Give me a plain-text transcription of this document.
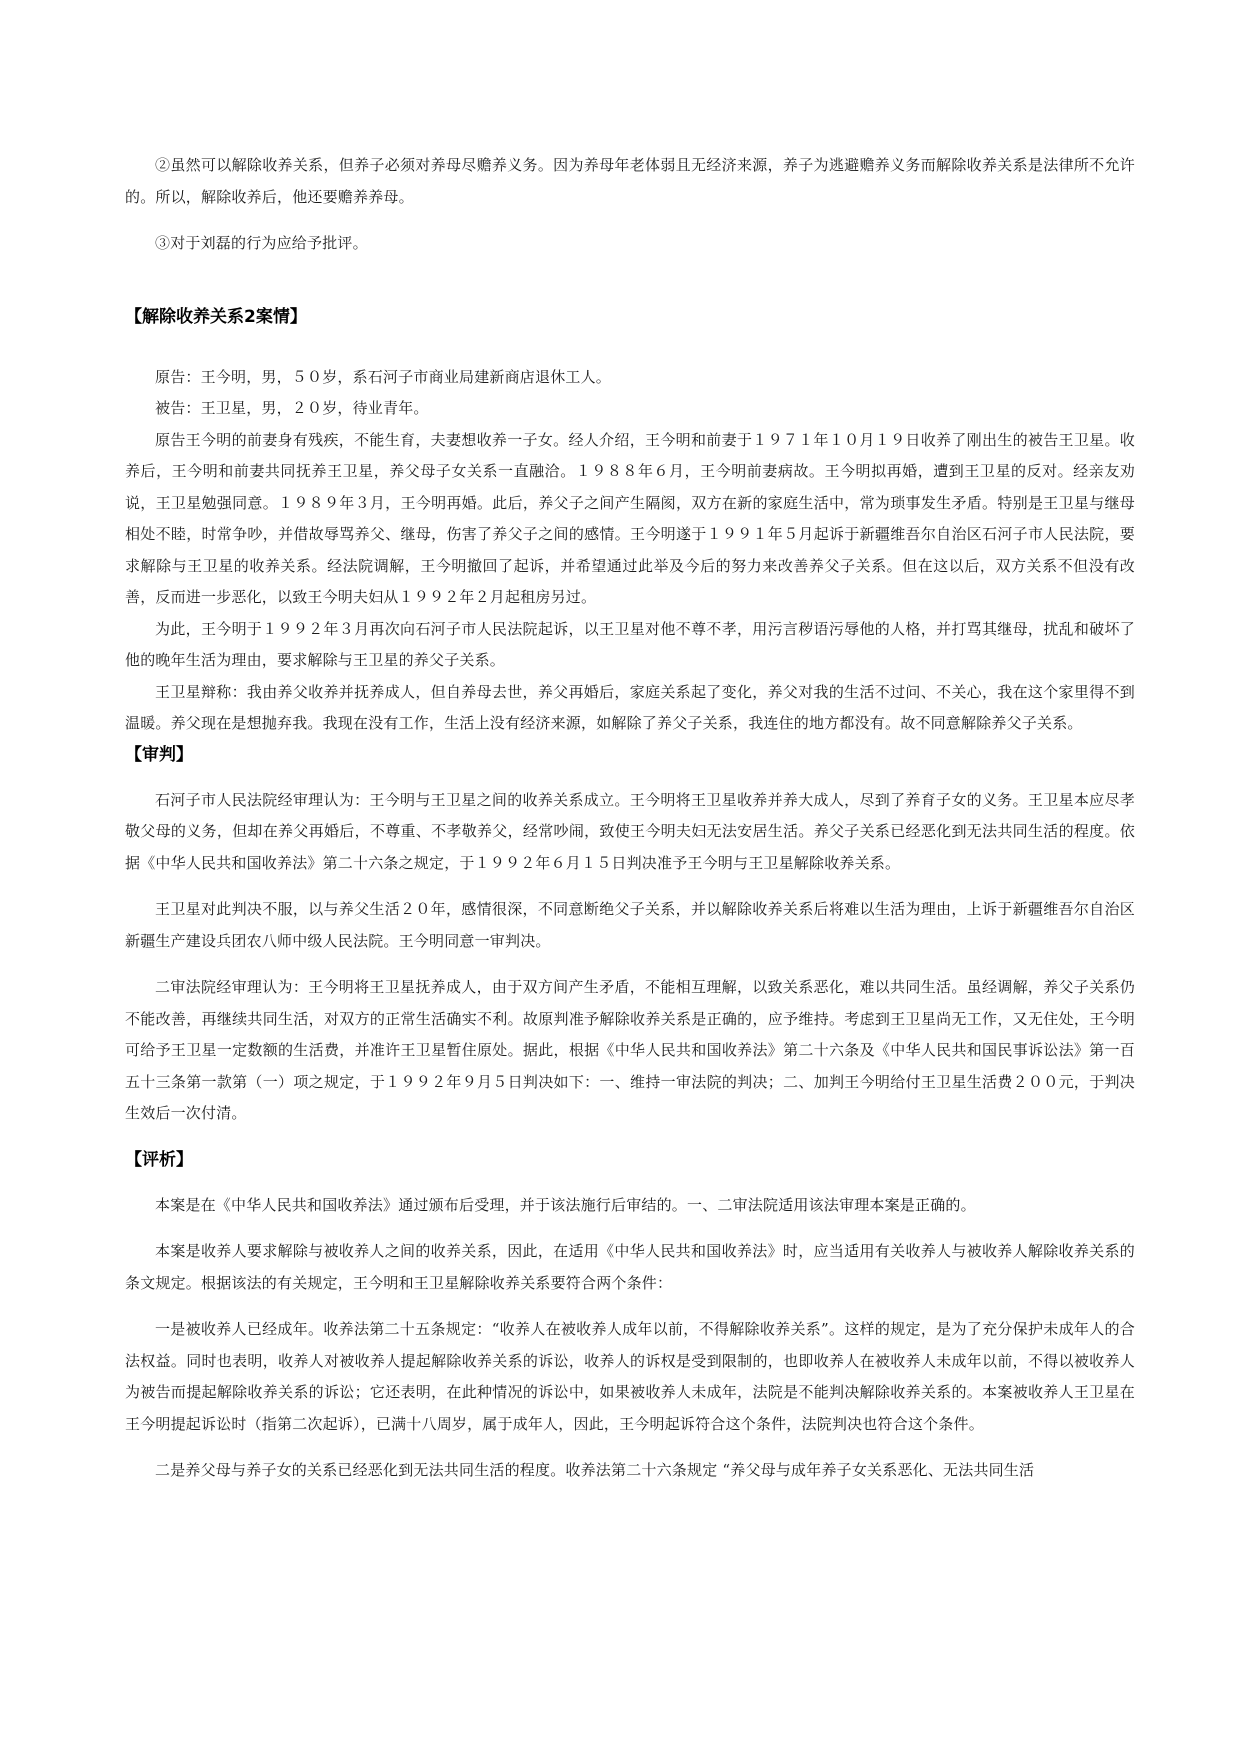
②虽然可以解除收养关系，但养子必须对养母尽赡养义务。因为养母年老体弱且无经济来源，养子为逃避赡养义务而解除收养关系是法律所不允许的。所以，解除收养后，他还要赡养养母。

③对于刘磊的行为应给予批评。

【解除收养关系2案情】

原告：王今明，男，５０岁，系石河子市商业局建新商店退休工人。

被告：王卫星，男，２０岁，待业青年。

原告王今明的前妻身有残疾，不能生育，夫妻想收养一子女。经人介绍，王今明和前妻于１９７１年１０月１９日收养了刚出生的被告王卫星。收养后，王今明和前妻共同抚养王卫星，养父母子女关系一直融洽。１９８８年６月，王今明前妻病故。王今明拟再婚，遭到王卫星的反对。经亲友劝说，王卫星勉强同意。１９８９年３月，王今明再婚。此后，养父子之间产生隔阂，双方在新的家庭生活中，常为琐事发生矛盾。特别是王卫星与继母相处不睦，时常争吵，并借故辱骂养父、继母，伤害了养父子之间的感情。王今明遂于１９９１年５月起诉于新疆维吾尔自治区石河子市人民法院，要求解除与王卫星的收养关系。经法院调解，王今明撤回了起诉，并希望通过此举及今后的努力来改善养父子关系。但在这以后，双方关系不但没有改善，反而进一步恶化，以致王今明夫妇从１９９２年２月起租房另过。

为此，王今明于１９９２年３月再次向石河子市人民法院起诉，以王卫星对他不尊不孝，用污言秽语污辱他的人格，并打骂其继母，扰乱和破坏了他的晚年生活为理由，要求解除与王卫星的养父子关系。

王卫星辩称：我由养父收养并抚养成人，但自养母去世，养父再婚后，家庭关系起了变化，养父对我的生活不过问、不关心，我在这个家里得不到温暖。养父现在是想抛弃我。我现在没有工作，生活上没有经济来源，如解除了养父子关系，我连住的地方都没有。故不同意解除养父子关系。

【审判】

石河子市人民法院经审理认为：王今明与王卫星之间的收养关系成立。王今明将王卫星收养并养大成人，尽到了养育子女的义务。王卫星本应尽孝敬父母的义务，但却在养父再婚后，不尊重、不孝敬养父，经常吵闹，致使王今明夫妇无法安居生活。养父子关系已经恶化到无法共同生活的程度。依据《中华人民共和国收养法》第二十六条之规定，于１９９２年６月１５日判决准予王今明与王卫星解除收养关系。

王卫星对此判决不服，以与养父生活２０年，感情很深，不同意断绝父子关系，并以解除收养关系后将难以生活为理由，上诉于新疆维吾尔自治区新疆生产建设兵团农八师中级人民法院。王今明同意一审判决。

二审法院经审理认为：王今明将王卫星抚养成人，由于双方间产生矛盾，不能相互理解，以致关系恶化，难以共同生活。虽经调解，养父子关系仍不能改善，再继续共同生活，对双方的正常生活确实不利。故原判准予解除收养关系是正确的，应予维持。考虑到王卫星尚无工作，又无住处，王今明可给予王卫星一定数额的生活费，并准许王卫星暂住原处。据此，根据《中华人民共和国收养法》第二十六条及《中华人民共和国民事诉讼法》第一百五十三条第一款第（一）项之规定，于１９９２年９月５日判决如下：一、维持一审法院的判决；二、加判王今明给付王卫星生活费２００元，于判决生效后一次付清。

【评析】

本案是在《中华人民共和国收养法》通过颁布后受理，并于该法施行后审结的。一、二审法院适用该法审理本案是正确的。

本案是收养人要求解除与被收养人之间的收养关系，因此，在适用《中华人民共和国收养法》时，应当适用有关收养人与被收养人解除收养关系的条文规定。根据该法的有关规定，王今明和王卫星解除收养关系要符合两个条件：

一是被收养人已经成年。收养法第二十五条规定：“收养人在被收养人成年以前，不得解除收养关系”。这样的规定，是为了充分保护未成年人的合法权益。同时也表明，收养人对被收养人提起解除收养关系的诉讼，收养人的诉权是受到限制的，也即收养人在被收养人未成年以前，不得以被收养人为被告而提起解除收养关系的诉讼；它还表明，在此种情况的诉讼中，如果被收养人未成年，法院是不能判决解除收养关系的。本案被收养人王卫星在王今明提起诉讼时（指第二次起诉），已满十八周岁，属于成年人，因此，王今明起诉符合这个条件，法院判决也符合这个条件。

二是养父母与养子女的关系已经恶化到无法共同生活的程度。收养法第二十六条规定 “养父母与成年养子女关系恶化、无法共同生活
